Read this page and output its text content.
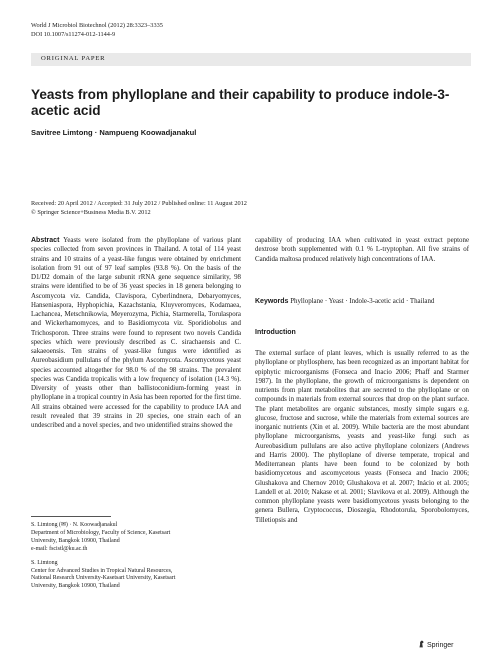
World J Microbiol Biotechnol (2012) 28:3323–3335
DOI 10.1007/s11274-012-1144-9
ORIGINAL PAPER
Yeasts from phylloplane and their capability to produce indole-3-acetic acid
Savitree Limtong · Nampueng Koowadjanakul
Received: 20 April 2012 / Accepted: 31 July 2012 / Published online: 11 August 2012
© Springer Science+Business Media B.V. 2012
Abstract Yeasts were isolated from the phylloplane of various plant species collected from seven provinces in Thailand. A total of 114 yeast strains and 10 strains of a yeast-like fungus were obtained by enrichment isolation from 91 out of 97 leaf samples (93.8 %). On the basis of the D1/D2 domain of the large subunit rRNA gene sequence similarity, 98 strains were identified to be of 36 yeast species in 18 genera belonging to Ascomycota viz. Candida, Clavispora, Cyberlindnera, Debaryomyces, Hanseniaspora, Hyphopichia, Kazachstania, Kluyveromyces, Kodamaea, Lachancea, Metschnikowia, Meyerozyma, Pichia, Starmerella, Torulaspora and Wickerhamomyces, and to Basidiomycota viz. Sporidiobolus and Trichosporon. Three strains were found to represent two novels Candida species which were previously described as C. sirachaensis and C. sakaeoensis. Ten strains of yeast-like fungus were identified as Aureobasidium pullulans of the phylum Ascomycota. Ascomycetous yeast species accounted altogether for 98.0 % of the 98 strains. The prevalent species was Candida tropicalis with a low frequency of isolation (14.3 %). Diversity of yeasts other than ballistoconidium-forming yeast in phylloplane in a tropical country in Asia has been reported for the first time. All strains obtained were accessed for the capability to produce IAA and result revealed that 39 strains in 20 species, one strain each of an undescribed and a novel species, and two unidentified strains showed the
capability of producing IAA when cultivated in yeast extract peptone dextrose broth supplemented with 0.1 % L-tryptophan. All five strains of Candida maltosa produced relatively high concentrations of IAA.
Keywords Phylloplane · Yeast · Indole-3-acetic acid · Thailand
Introduction
The external surface of plant leaves, which is usually referred to as the phylloplane or phyllosphere, has been recognized as an important habitat for epiphytic microorganisms (Fonseca and Inacio 2006; Phaff and Starmer 1987). In the phylloplane, the growth of microorganisms is dependent on nutrients from plant metabolites that are secreted to the phylloplane or on compounds in materials from external sources that drop on the plant surface. The plant metabolites are organic substances, mostly simple sugars e.g. glucose, fructose and sucrose, while the materials from external sources are inorganic nutrients (Xin et al. 2009). While bacteria are the most abundant phylloplane microorganisms, yeasts and yeast-like fungi such as Aureobasidium pullulans are also active phylloplane colonizers (Andrews and Harris 2000). The phylloplane of diverse temperate, tropical and Mediterranean plants have been found to be colonized by both basidiomycetous and ascomycetous yeasts (Fonseca and Inacio 2006; Glushakova and Chernov 2010; Glushakova et al. 2007; Inácio et al. 2005; Landell et al. 2010; Nakase et al. 2001; Slavikova et al. 2009). Although the common phylloplane yeasts were basidiomycetous yeasts belonging to the genera Bullera, Cryptococcus, Dioszegia, Rhodotorula, Sporobolomyces, Tilletiopsis and
S. Limtong (✉) · N. Koowadjanakul
Department of Microbiology, Faculty of Science, Kasetsart
University, Bangkok 10900, Thailand
e-mail: fscistl@ku.ac.th
S. Limtong
Center for Advanced Studies in Tropical Natural Resources,
National Research University-Kasetsart University, Kasetsart
University, Bangkok 10900, Thailand
Springer
